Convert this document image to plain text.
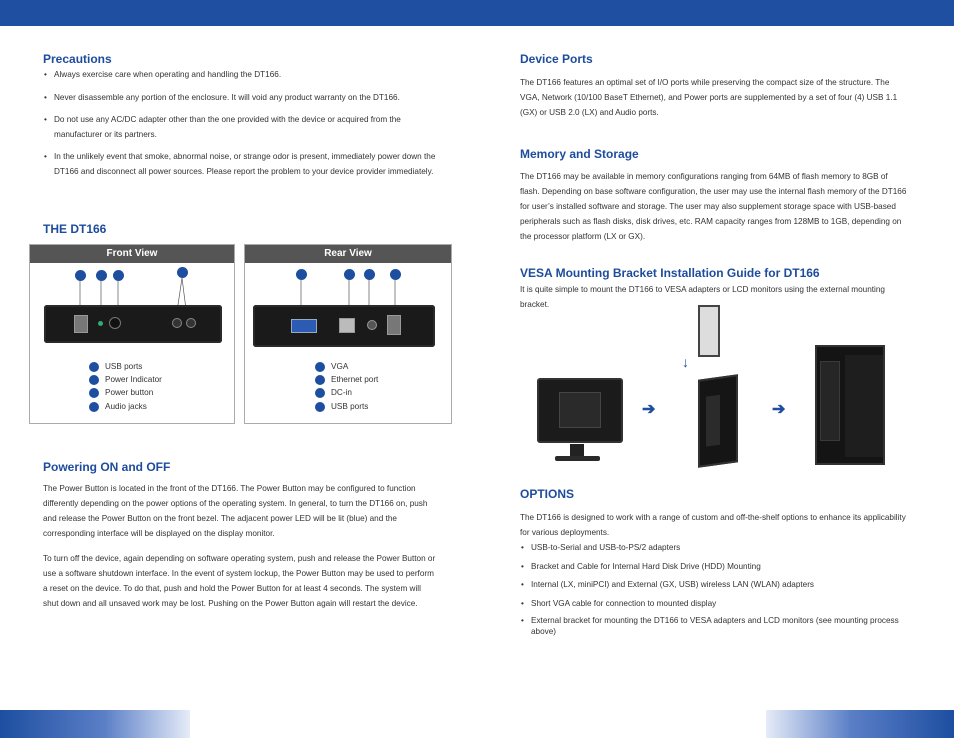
Precautions
• Always exercise care when operating and handling the DT166.
• Never disassemble any portion of the enclosure. It will void any product warranty on the DT166.
• Do not use any AC/DC adapter other than the one provided with the device or acquired from the manufacturer or its partners.
• In the unlikely event that smoke, abnormal noise, or strange odor is present, immediately power down the DT166 and disconnect all power sources. Please report the problem to your device provider immediately.
THE DT166
Front View
USB ports
Power Indicator
Power button
Audio jacks
Rear View
VGA
Ethernet port
DC-in
USB ports
Powering ON and OFF

The Power Button is located in the front of the DT166. The Power Button may be configured to function differently depending on the power options of the operating system. In general, to turn the DT166 on, push and release the Power Button on the front bezel. The adjacent power LED will be lit (blue) and the corresponding interface will be displayed on the display monitor.

To turn off the device, again depending on software operating system, push and release the Power Button or use a software shutdown interface. In the event of system lockup, the Power Button may be used to perform a reset on the device. To do that, push and hold the Power Button for at least 4 seconds. The system will shut down and all unsaved work may be lost. Pushing on the Power Button again will restart the device.

Device Ports

The DT166 features an optimal set of I/O ports while preserving the compact size of the structure. The VGA, Network (10/100 BaseT Ethernet), and Power ports are supplemented by a set of four (4) USB 1.1 (GX) or USB 2.0 (LX) and Audio ports.

Memory and Storage

The DT166 may be available in memory configurations ranging from 64MB of flash memory to 8GB of flash. Depending on base software configuration, the user may use the internal flash memory of the DT166 for user’s installed software and storage. The user may also supplement storage space with USB-based peripherals such as flash disks, disk drives, etc. RAM capacity ranges from 128MB to 1GB, depending on the processor platform (LX or GX).

VESA Mounting Bracket Installation Guide for DT166

It is quite simple to mount the DT166 to VESA adapters or LCD monitors using the external mounting bracket.

➔
↓
➔
OPTIONS

The DT166 is designed to work with a range of custom and off-the-shelf options to enhance its applicability for various deployments.

• USB-to-Serial and USB-to-PS/2 adapters
• Bracket and Cable for Internal Hard Disk Drive (HDD) Mounting
• Internal (LX, miniPCI) and External (GX, USB) wireless LAN (WLAN) adapters
• Short VGA cable for connection to mounted display
• External bracket for mounting the DT166 to VESA adapters and LCD monitors (see mounting process above)
